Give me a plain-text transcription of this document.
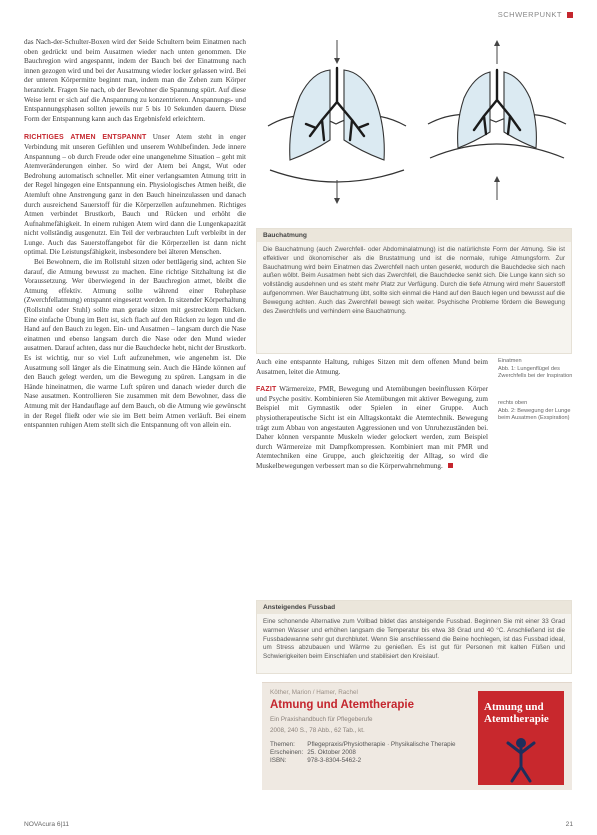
SCHWERPUNKT

das Nach-der-Schulter-Boxen wird der Seide Schultern beim Einatmen nach oben gedrückt und beim Ausatmen wieder nach unten genommen. Die Bauchregion wird angespannt, indem der Bauch bei der Einatmung nach innen gezogen wird und bei der Ausatmung wieder locker gelassen wird. Bei der unteren Körpermitte beginnt man, indem man die Zehen zum Körper heranzieht. Fragen Sie nach, ob der Bewohner die Spannung spürt. Auf diese Weise lernt er sich auf die Anspannung zu konzentrieren. Anspannungs- und Entspannungsphasen sollten jeweils nur 5 bis 10 Sekunden dauern. Diese Form der Entspannung kann auch das Ergebnisfeld erleichtern.

RICHTIGES ATMEN ENTSPANNT Unser Atem steht in enger Verbindung mit unseren Gefühlen und unserem Wohlbefinden. Jede innere Anspannung – ob durch Freude oder eine unangenehme Situation – geht mit Atemveränderungen einher. So wird der Atem bei Angst, Wut oder Bedrohung automatisch schneller. Mit einer verlangsamten Atmung tritt in der Regel hingegen eine Entspannung ein. Physiologisches Atmen heißt, die Atemluft ohne Anstrengung ganz in den Bauch hineinzulassen und danach durch ausreichend Sauerstoff für die Körperzellen aufzunehmen. Richtiges Atmen verbindet Brustkorb, Bauch und Rücken und erhöht die Aufnahmefähigkeit. In einem ruhigen Atem wird dann die Lungenkapazität nicht vollständig ausgenutzt. Ein Teil der verbrauchten Luft verbleibt in der Lunge. Auch das Sauerstoffangebot für die Körperzellen ist dann nicht optimal. Die Leistungsfähigkeit, insbesondere bei älteren Menschen.

Bei Bewohnern, die im Rollstuhl sitzen oder bettlägerig sind, achten Sie darauf, die Atmung bewusst zu machen. Eine richtige Sitzhaltung ist die Voraussetzung. Wer überwiegend in der Bauchregion atmet, bleibt die Atmung effektiv. Atmung sollte während einer Ruhephase (Zwerchfellatmung) entspannt eingesetzt werden. In sitzender Körperhaltung (Rollstuhl oder Stuhl) sollte man gerade sitzen mit gestrecktem Rücken. Eine einfache Übung im Bett ist, sich flach auf den Rücken zu legen und die Hand auf den Bauch zu legen. Ein- und Ausatmen – langsam durch die Nase einatmen und ebenso langsam durch die Nase oder den Mund wieder ausatmen. Darauf achten, dass nur die Bauchdecke hebt, nicht der Brustkorb. Es ist wichtig, nur so viel Luft aufzunehmen, wie angenehm ist. Die Ausatmung soll länger als die Einatmung sein. Auch die Hände können auf den Bauch gelegt werden, um die Bewegung zu spüren. Langsam in die Hände hineinatmen, die warme Luft spüren und danach wieder durch die Nase ausatmen. Kontrollieren Sie zusammen mit dem Bewohner, dass die Atmung mit der Handauflage auf dem Bauch, ob die Atmung wie gewünscht in der Regel fließt oder wie sie im Bett beim Atmen verläuft. Bei einem entspannten ruhigen Atem stellt sich die Entspannung oft von allein ein.

Bauchatmung
Die Bauchatmung (auch Zwerchfell- oder Abdominalatmung) ist die natürlichste Form der Atmung. Sie ist effektiver und ökonomischer als die Brustatmung und ist die normale, ruhige Atmungsform. Zur Bauchatmung wird beim Einatmen das Zwerchfell nach unten gesenkt, wodurch die Bauchdecke sich nach außen wölbt. Beim Ausatmen hebt sich das Zwerchfell, die Bauchdecke senkt sich. Die Lunge kann sich so vollständig ausdehnen und es steht mehr Platz zur Verfügung. Durch die tiefe Atmung wird mehr Sauerstoff aufgenommen. Wer Bauchatmung übt, sollte sich einmal die Hand auf den Bauch legen und bewusst auf die Bewegung achten. Auch das Zwerchfell bewegt sich weiter. Psychische Probleme fördern die Bewegung des Zwerchfells und verhindern eine Bauchatmung.
Einatmen
Abb. 1: Lungenflügel des Zwerchfells bei der Inspiration
rechts oben
Abb. 2: Bewegung der Lunge beim Ausatmen (Exspiration)

Auch eine entspannte Haltung, ruhiges Sitzen mit dem offenen Mund beim Ausatmen, leitet die Atmung.

FAZIT Wärmereize, PMR, Bewegung und Atemübungen beeinflussen Körper und Psyche positiv. Kombinieren Sie Atemübungen mit aktiver Bewegung, zum Beispiel mit Gymnastik oder Spielen in einer Gruppe. Auch physiotherapeutische Sicht ist ein Alltagskontakt die Atemtechnik. Bewegung trägt zum Abbau von angestauten Aggressionen und von Unruhezuständen bei. Daher können verspannte Muskeln wieder gelockert werden, zum Beispiel durch Wärmereize mit Dampfkompressen. Kombiniert man mit PMR und Atemtechniken eine Gruppe, auch gleichzeitig der Alltag, so wird die Muskelbewegungen verbessert man so die Körperwahrnehmung.

Ansteigendes Fussbad
Eine schonende Alternative zum Vollbad bildet das ansteigende Fussbad. Beginnen Sie mit einer 33 Grad warmen Wasser und erhöhen langsam die Temperatur bis etwa 38 Grad und 40 °C. Anschließend ist die Fussbadewanne sehr gut durchblutet. Wenn Sie anschliessend die Beine hochlegen, ist das Fussbad ideal, um Stress abzubauen und Wärme zu genießen. Es ist gut für Personen mit kalten Füßen und Schwierigkeiten beim Einschlafen und stabilisiert den Kreislauf.
Köther, Marion / Hamer, Rachel
Atmung und Atemtherapie
Ein Praxishandbuch für Pflegeberufe
2008, 240 S., 78 Abb., 62 Tab., kt.
Themen:	Pflegepraxis/Physiotherapie · Physikalische Therapie
Erscheinen:	25. Oktober 2008
ISBN:	978-3-8304-5462-2
Atmung und Atemtherapie
NOVAcura 6|11	21
